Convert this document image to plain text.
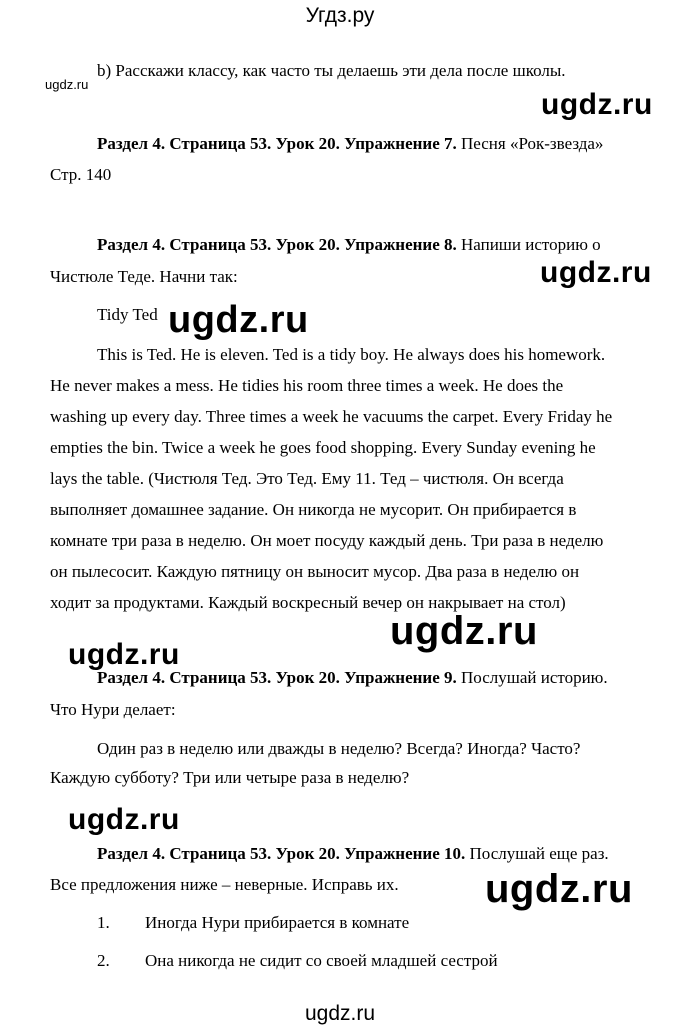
Угдз.ру
ugdz.ru
b) Расскажи классу, как часто ты делаешь эти дела после школы.
ugdz.ru
Раздел 4. Страница 53. Урок 20. Упражнение 7. Песня «Рок-звезда»
Стр. 140
Раздел 4. Страница 53. Урок 20. Упражнение 8. Напиши историю о
ugdz.ru
Чистюле Теде. Начни так:
Tidy Ted ugdz.ru
This is Ted. He is eleven. Ted is a tidy boy. He always does his homework.
He never makes a mess. He tidies his room three times a week. He does the
washing up every day. Three times a week he vacuums the carpet. Every Friday he
empties the bin. Twice a week he goes food shopping. Every Sunday evening he
lays the table. (Чистюля Тед. Это Тед. Ему 11. Тед – чистюля. Он всегда
выполняет домашнее задание. Он никогда не мусорит. Он прибирается в
комнате три раза в неделю. Он моет посуду каждый день. Три раза в неделю
он пылесосит. Каждую пятницу он выносит мусор. Два раза в неделю он
ходит за продуктами. Каждый воскресный вечер он накрывает на стол)
ugdz.ru
ugdz.ru
Раздел 4. Страница 53. Урок 20. Упражнение 9. Послушай историю.
Что Нури делает:
Один раз в неделю или дважды в неделю? Всегда? Иногда? Часто?
Каждую субботу? Три или четыре раза в неделю?
ugdz.ru
Раздел 4. Страница 53. Урок 20. Упражнение 10. Послушай еще раз.
Все предложения ниже – неверные. Исправь их. ugdz.ru
1. Иногда Нури прибирается в комнате
2. Она никогда не сидит со своей младшей сестрой
ugdz.ru
